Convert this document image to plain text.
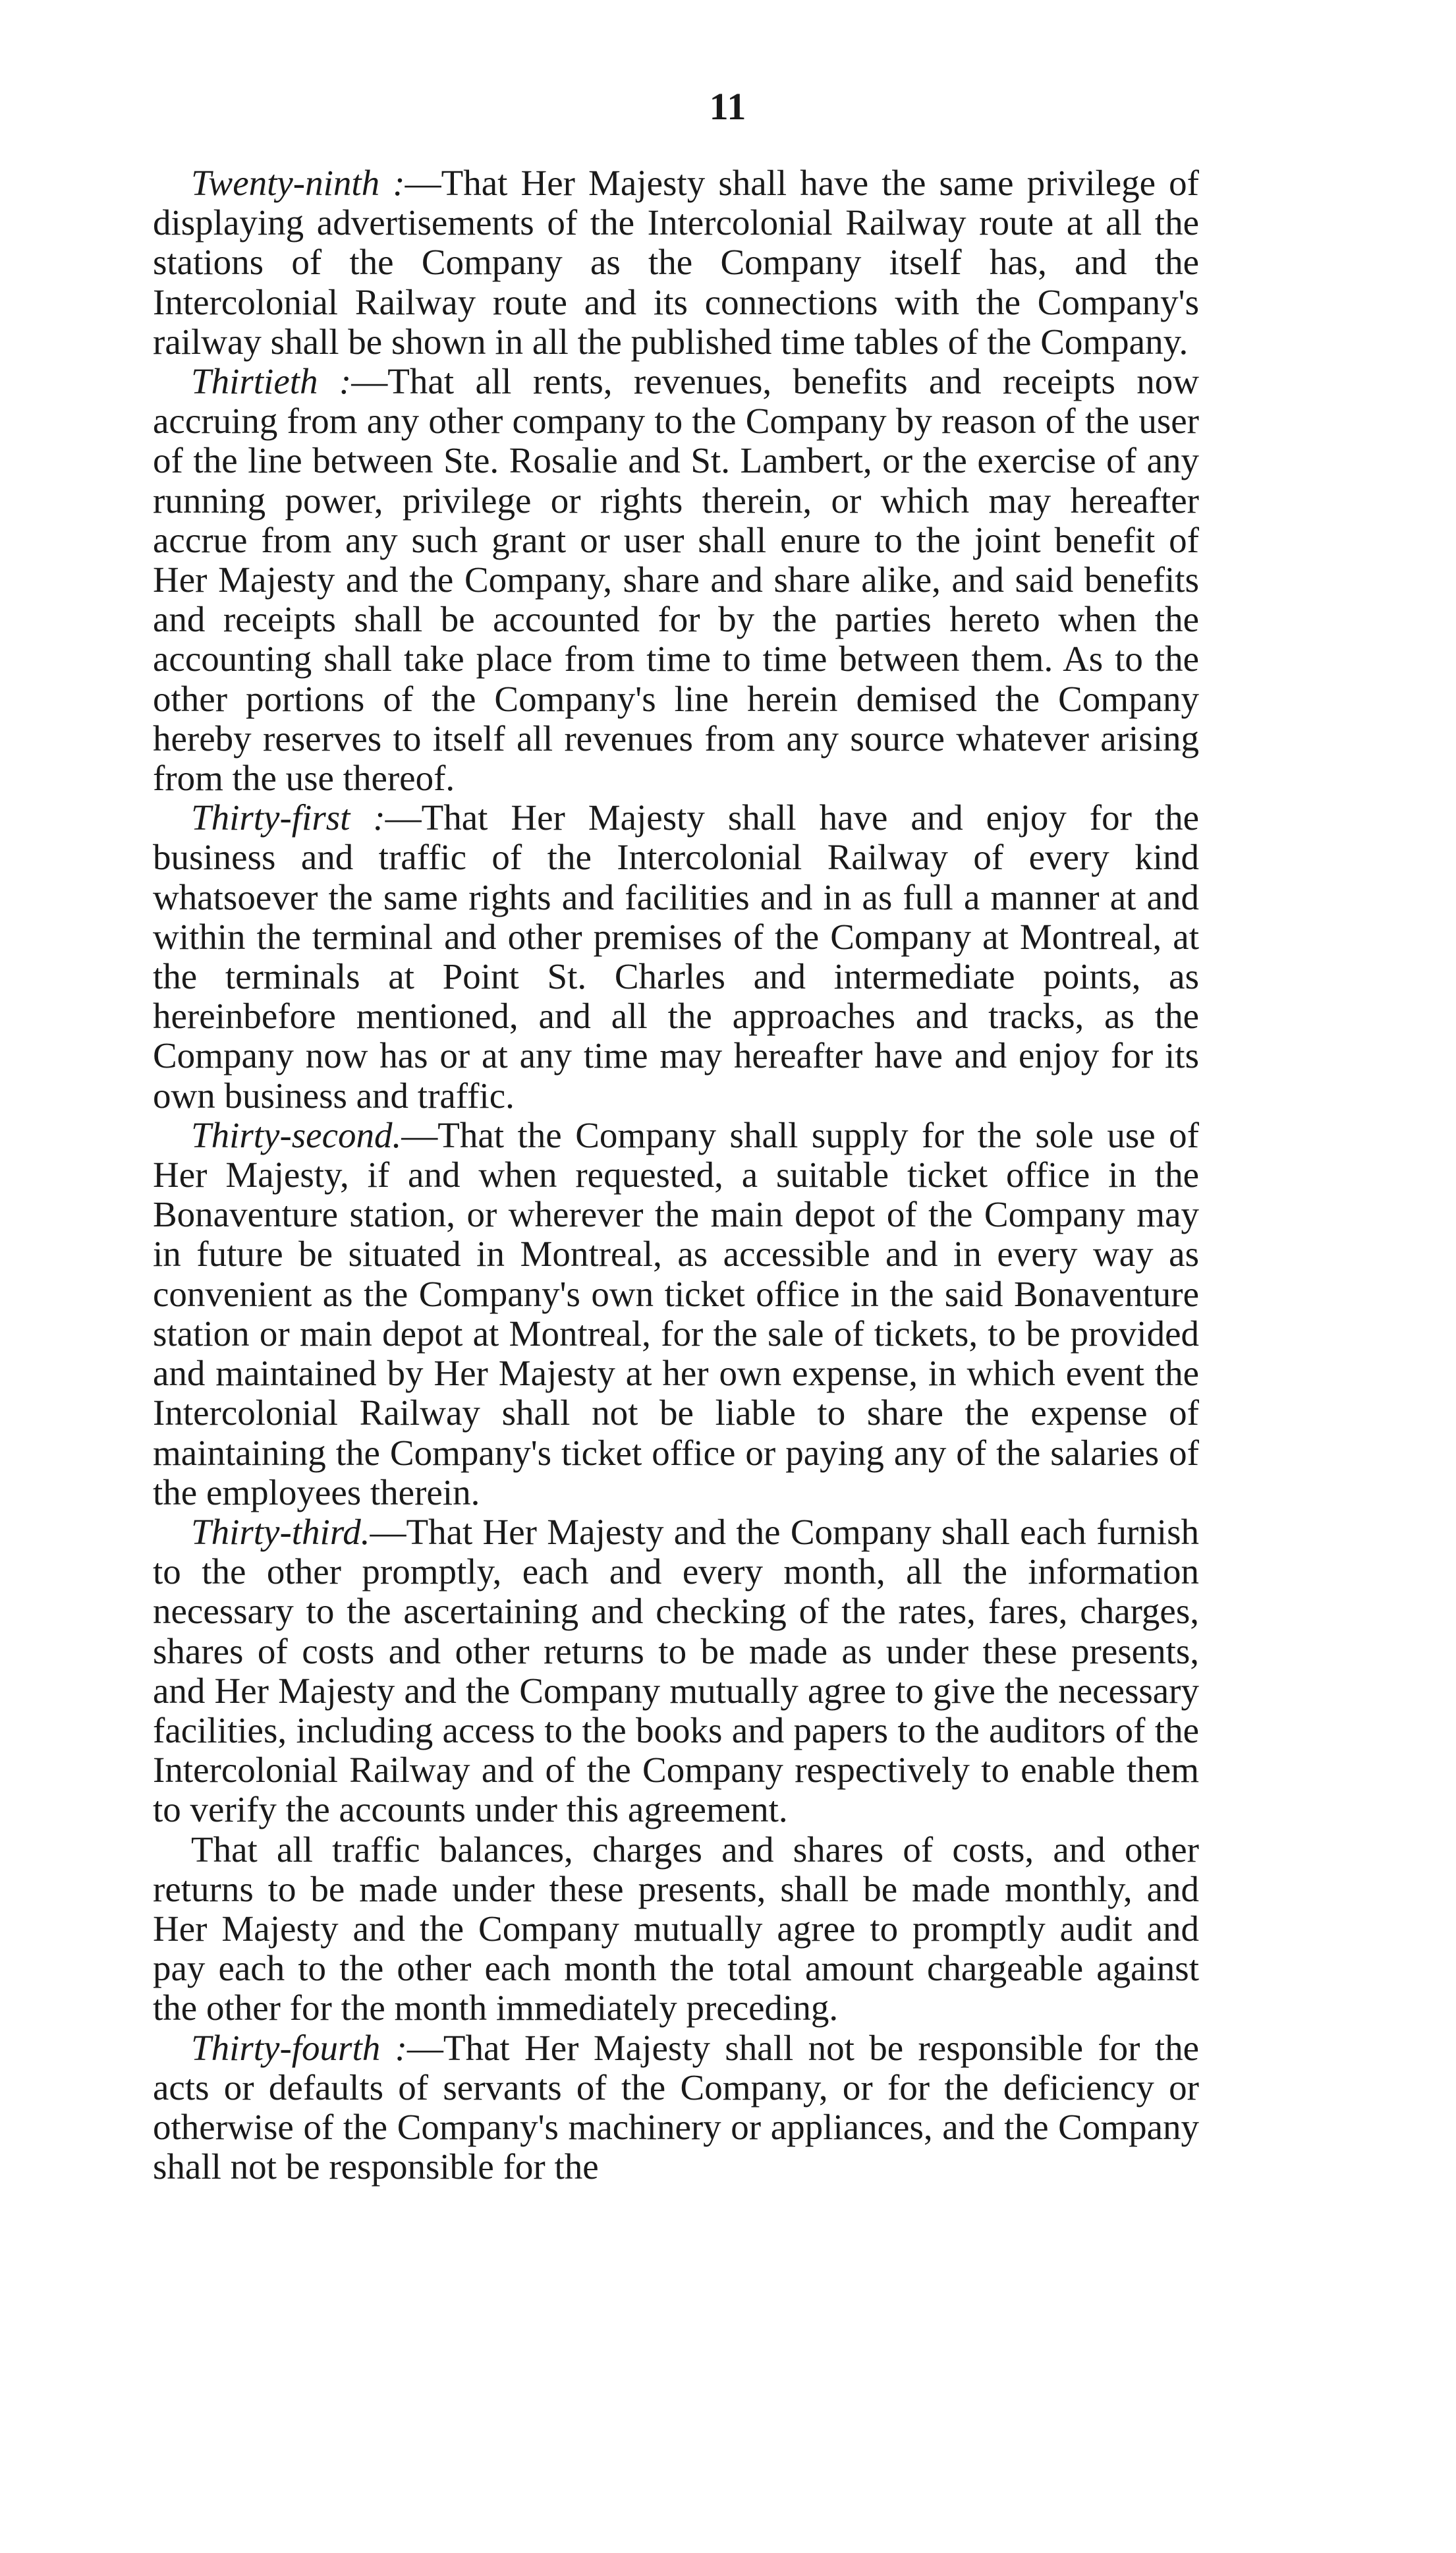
11

Twenty-ninth :—That Her Majesty shall have the same privilege of displaying advertisements of the Intercolonial Railway route at all the stations of the Company as the Company itself has, and the Intercolonial Railway route and its connections with the Company's railway shall be shown in all the published time tables of the Company.

Thirtieth :—That all rents, revenues, benefits and receipts now accruing from any other company to the Company by reason of the user of the line between Ste. Rosalie and St. Lambert, or the exercise of any running power, privilege or rights therein, or which may hereafter accrue from any such grant or user shall enure to the joint benefit of Her Majesty and the Company, share and share alike, and said benefits and receipts shall be accounted for by the parties hereto when the accounting shall take place from time to time between them. As to the other portions of the Company's line herein demised the Company hereby reserves to itself all revenues from any source whatever arising from the use thereof.

Thirty-first :—That Her Majesty shall have and enjoy for the business and traffic of the Intercolonial Railway of every kind whatsoever the same rights and facilities and in as full a manner at and within the terminal and other premises of the Company at Montreal, at the terminals at Point St. Charles and intermediate points, as hereinbefore mentioned, and all the approaches and tracks, as the Company now has or at any time may hereafter have and enjoy for its own business and traffic.

Thirty-second.—That the Company shall supply for the sole use of Her Majesty, if and when requested, a suitable ticket office in the Bonaventure station, or wherever the main depot of the Company may in future be situated in Montreal, as accessible and in every way as convenient as the Company's own ticket office in the said Bonaventure station or main depot at Montreal, for the sale of tickets, to be provided and maintained by Her Majesty at her own expense, in which event the Intercolonial Railway shall not be liable to share the expense of maintaining the Company's ticket office or paying any of the salaries of the employees therein.

Thirty-third.—That Her Majesty and the Company shall each furnish to the other promptly, each and every month, all the information necessary to the ascertaining and checking of the rates, fares, charges, shares of costs and other returns to be made as under these presents, and Her Majesty and the Company mutually agree to give the necessary facilities, including access to the books and papers to the auditors of the Intercolonial Railway and of the Company respectively to enable them to verify the accounts under this agreement.

That all traffic balances, charges and shares of costs, and other returns to be made under these presents, shall be made monthly, and Her Majesty and the Company mutually agree to promptly audit and pay each to the other each month the total amount chargeable against the other for the month immediately preceding.

Thirty-fourth :—That Her Majesty shall not be responsible for the acts or defaults of servants of the Company, or for the deficiency or otherwise of the Company's machinery or appliances, and the Company shall not be responsible for the
